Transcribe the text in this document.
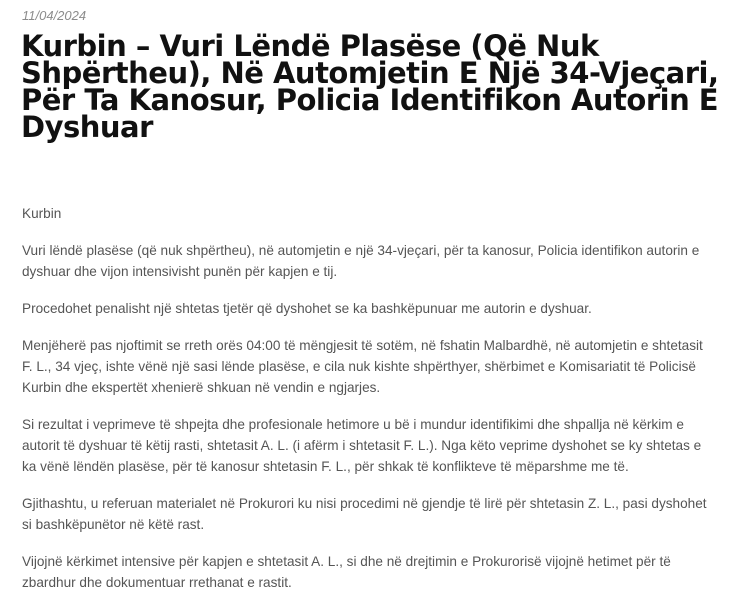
11/04/2024
Kurbin – Vuri Lëndë Plasëse (Që Nuk Shpërtheu), Në Automjetin E Një 34-Vjeçari, Për Ta Kanosur, Policia Identifikon Autorin E Dyshuar

Kurbin

Vuri lëndë plasëse (që nuk shpërtheu), në automjetin e një 34-vjeçari, për ta kanosur, Policia identifikon autorin e dyshuar dhe vijon intensivisht punën për kapjen e tij.

Procedohet penalisht një shtetas tjetër që dyshohet se ka bashkëpunuar me autorin e dyshuar.

Menjëherë pas njoftimit se rreth orës 04:00 të mëngjesit të sotëm, në fshatin Malbardhë, në automjetin e shtetasit F. L., 34 vjeç, ishte vënë një sasi lënde plasëse, e cila nuk kishte shpërthyer, shërbimet e Komisariatit të Policisë Kurbin dhe ekspertët xhenierë shkuan në vendin e ngjarjes.

Si rezultat i veprimeve të shpejta dhe profesionale hetimore u bë i mundur identifikimi dhe shpallja në kërkim e autorit të dyshuar të këtij rasti, shtetasit A. L. (i afërm i shtetasit F. L.). Nga këto veprime dyshohet se ky shtetas e ka vënë lëndën plasëse, për të kanosur shtetasin F. L., për shkak të konflikteve të mëparshme me të.

Gjithashtu, u referuan materialet në Prokurori ku nisi procedimi në gjendje të lirë për shtetasin Z. L., pasi dyshohet si bashkëpunëtor në këtë rast.

Vijojnë kërkimet intensive për kapjen e shtetasit A. L., si dhe në drejtimin e Prokurorisë vijojnë hetimet për të zbardhur dhe dokumentuar rrethanat e rastit.
